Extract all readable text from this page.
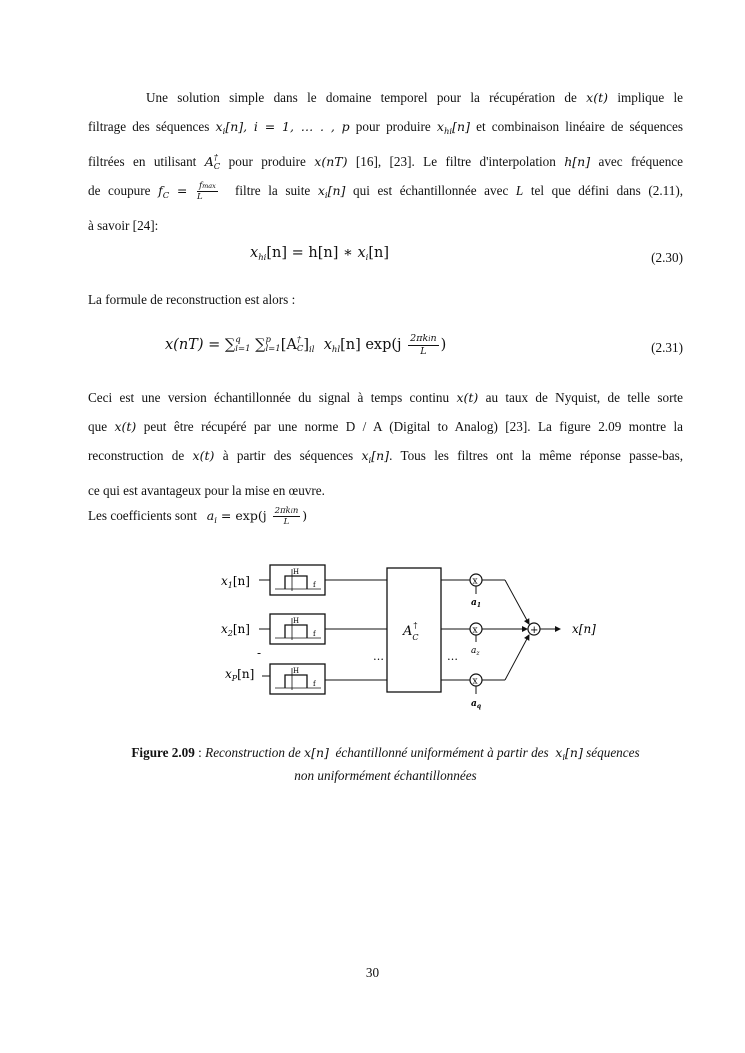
Une solution simple dans le domaine temporel pour la récupération de x(t) implique le
filtrage des séquences $x_i[n]$, i = 1, … . , p pour produire $x_{hi}[n]$ et combinaison linéaire de séquences
filtrées en utilisant A †
C pour produire x(nT) [16], [23]. Le filtre d'interpolation h[n] avec fréquence
de coupure $f_C = \frac{fmax}{L}$ filtre la suite $x_i[n]$ qui est échantillonnée avec L tel que défini dans (2.11),
à savoir [24]:
$x_{hi}[n] = h[n]$ ∗ $x_i[n]$	(2.30)
La formule de reconstruction est alors :
x(nT) = ∑ q
i=1 ∑ p
l=1 [A †
C ]$_{il}$ $x_{hl}[n]$ $\exp(j \frac{\text{2πkin}}{L}$ )	(2.31)
Ceci est une version échantillonnée du signal à temps continu x(t) au taux de Nyquist, de telle sorte
que x(t) peut être récupéré par une norme D / A (Digital to Analog) [23]. La figure 2.09 montre la
reconstruction de x(t) à partir des séquences $x_i[n]$. Tous les filtres ont la même réponse passe-bas,
ce qui est avantageux pour la mise en œuvre.
Les coefficients sont $a_i = \exp(j \frac{\text{2πkin}}{L}$ )
$x_1[n]$
$x_2[n]$
-
$x_P[n]$
H
f
H
f
H
f
…
A† C
…
x
$a_1$
x
$a_z$
x
$a_q$
+	x[n]
Figure 2.09 : Reconstruction de x[n] échantillonné uniformément à partir des $x_i[n]$ séquences
non uniformément échantillonnées
30
